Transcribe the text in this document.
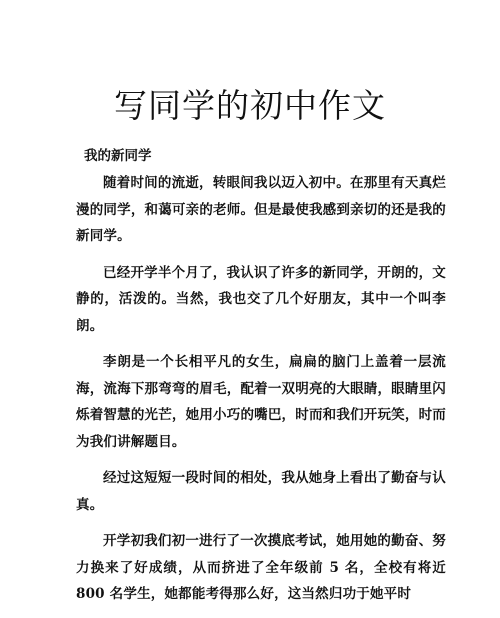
写同学的初中作文

我的新同学

随着时间的流逝，转眼间我以迈入初中。在那里有天真烂漫的同学，和蔼可亲的老师。但是最使我感到亲切的还是我的新同学。

已经开学半个月了，我认识了许多的新同学，开朗的，文静的，活泼的。当然，我也交了几个好朋友，其中一个叫李朗。

李朗是一个长相平凡的女生，扁扁的脑门上盖着一层流海，流海下那弯弯的眉毛，配着一双明亮的大眼睛，眼睛里闪烁着智慧的光芒，她用小巧的嘴巴，时而和我们开玩笑，时而为我们讲解题目。

经过这短短一段时间的相处，我从她身上看出了勤奋与认真。

开学初我们初一进行了一次摸底考试，她用她的勤奋、努力换来了好成绩，从而挤进了全年级前 5 名，全校有将近 800 名学生，她都能考得那么好，这当然归功于她平时
